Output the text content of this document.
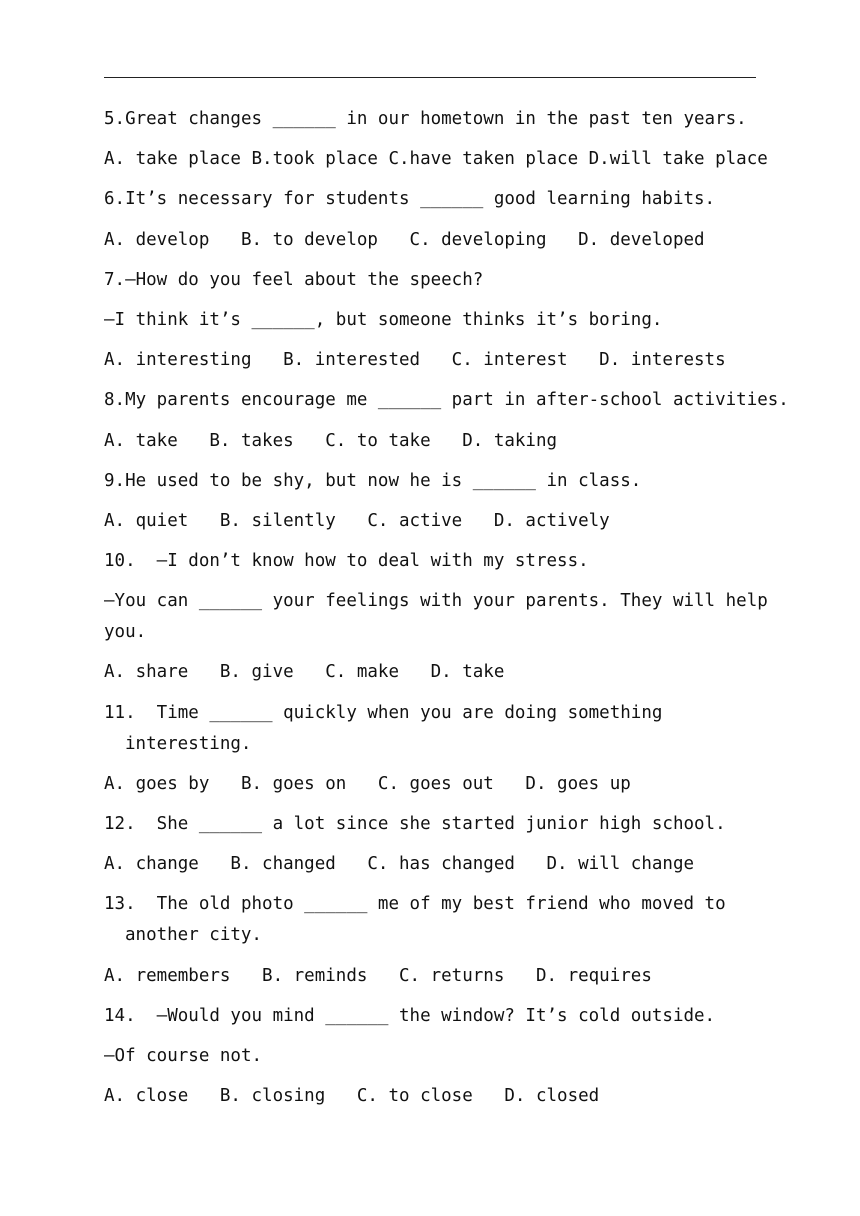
5.Great changes ______ in our hometown in the past ten years.
A. take place B.took place C.have taken place D.will take place
6.It’s necessary for students ______ good learning habits.
A. develop   B. to develop   C. developing   D. developed
7.—How do you feel about the speech?
—I think it’s ______, but someone thinks it’s boring.
A. interesting   B. interested   C. interest   D. interests
8.My parents encourage me ______ part in after-school activities.
A. take   B. takes   C. to take   D. taking
9.He used to be shy, but now he is ______ in class.
A. quiet   B. silently   C. active   D. actively
10.  —I don’t know how to deal with my stress.
—You can ______ your feelings with your parents. They will help
you.
A. share   B. give   C. make   D. take
11.  Time ______ quickly when you are doing something
interesting.
A. goes by   B. goes on   C. goes out   D. goes up
12.  She ______ a lot since she started junior high school.
A. change   B. changed   C. has changed   D. will change
13.  The old photo ______ me of my best friend who moved to
another city.
A. remembers   B. reminds   C. returns   D. requires
14.  —Would you mind ______ the window? It’s cold outside.
—Of course not.
A. close   B. closing   C. to close   D. closed
